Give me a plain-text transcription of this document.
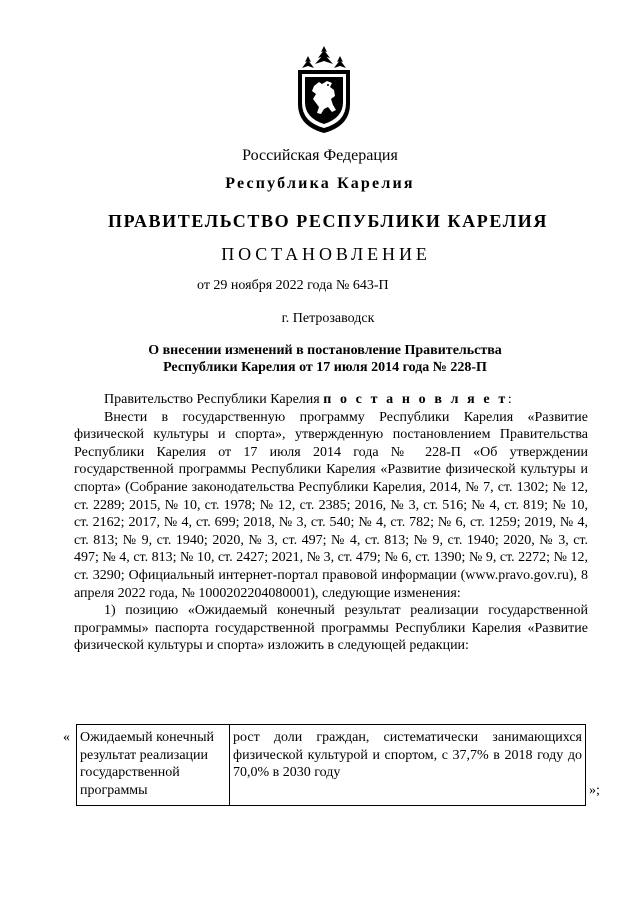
Российская Федерация
Республика Карелия
ПРАВИТЕЛЬСТВО РЕСПУБЛИКИ КАРЕЛИЯ
ПОСТАНОВЛЕНИЕ
от 29 ноября 2022 года № 643-П
г. Петрозаводск
О внесении изменений в постановление Правительства
Республики Карелия от 17 июля 2014 года № 228-П

Правительство Республики Карелия п о с т а н о в л я е т:

Внести в государственную программу Республики Карелия «Развитие физической культуры и спорта», утвержденную постановлением Правительства Республики Карелия от 17 июля 2014 года № 228-П «Об утверждении государственной программы Республики Карелия «Развитие физической культуры и спорта» (Собрание законодательства Республики Карелия, 2014, № 7, ст. 1302; № 12, ст. 2289; 2015, № 10, ст. 1978; № 12, ст. 2385; 2016, № 3, ст. 516; № 4, ст. 819; № 10, ст. 2162; 2017, № 4, ст. 699; 2018, № 3, ст. 540; № 4, ст. 782; № 6, ст. 1259; 2019, № 4, ст. 813; № 9, ст. 1940; 2020, № 3, ст. 497; № 4, ст. 813; № 9, ст. 1940; 2020, № 3, ст. 497; № 4, ст. 813; № 10, ст. 2427; 2021, № 3, ст. 479; № 6, ст. 1390; № 9, ст. 2272; № 12, ст. 3290; Официальный интернет-портал правовой информации (www.pravo.gov.ru), 8 апреля 2022 года, № 1000202204080001), следующие изменения:

1) позицию «Ожидаемый конечный результат реализации государственной программы» паспорта государственной программы Республики Карелия «Развитие физической культуры и спорта» изложить в следующей редакции:

« Ожидаемый конечный результат реализации государственной программы	рост доли граждан, систематически занимающихся физической культурой и спортом, с 37,7% в 2018 году до 70,0% в 2030 году
»;
